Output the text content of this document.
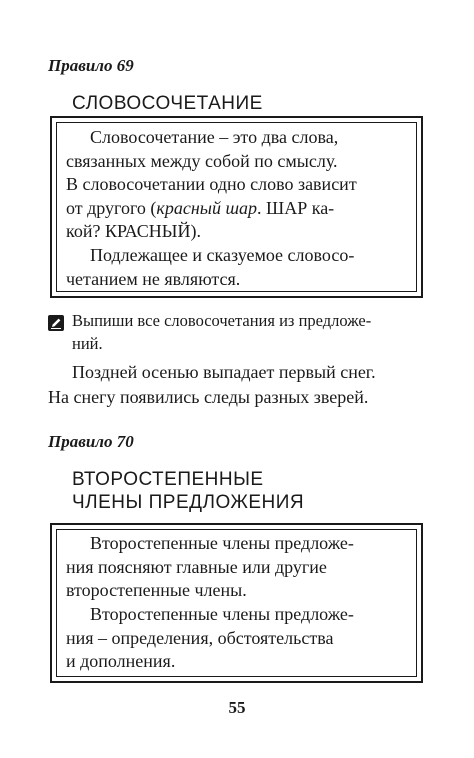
Правило 69
СЛОВОСОЧЕТАНИЕ

Словосочетание – это два слова,
связанных между собой по смыслу.
В словосочетании одно слово зависит
от другого (красный шар. ШАР ка-
кой? КРАСНЫЙ).

Подлежащее и сказуемое словосо-
четанием не являются.

Выпиши все словосочетания из предложе-
ний.

Поздней осенью выпадает первый снег.
На снегу появились следы разных зверей.

Правило 70
ВТОРОСТЕПЕННЫЕ
ЧЛЕНЫ ПРЕДЛОЖЕНИЯ

Второстепенные члены предложе-
ния поясняют главные или другие
второстепенные члены.

Второстепенные члены предложе-
ния – определения, обстоятельства
и дополнения.

55
